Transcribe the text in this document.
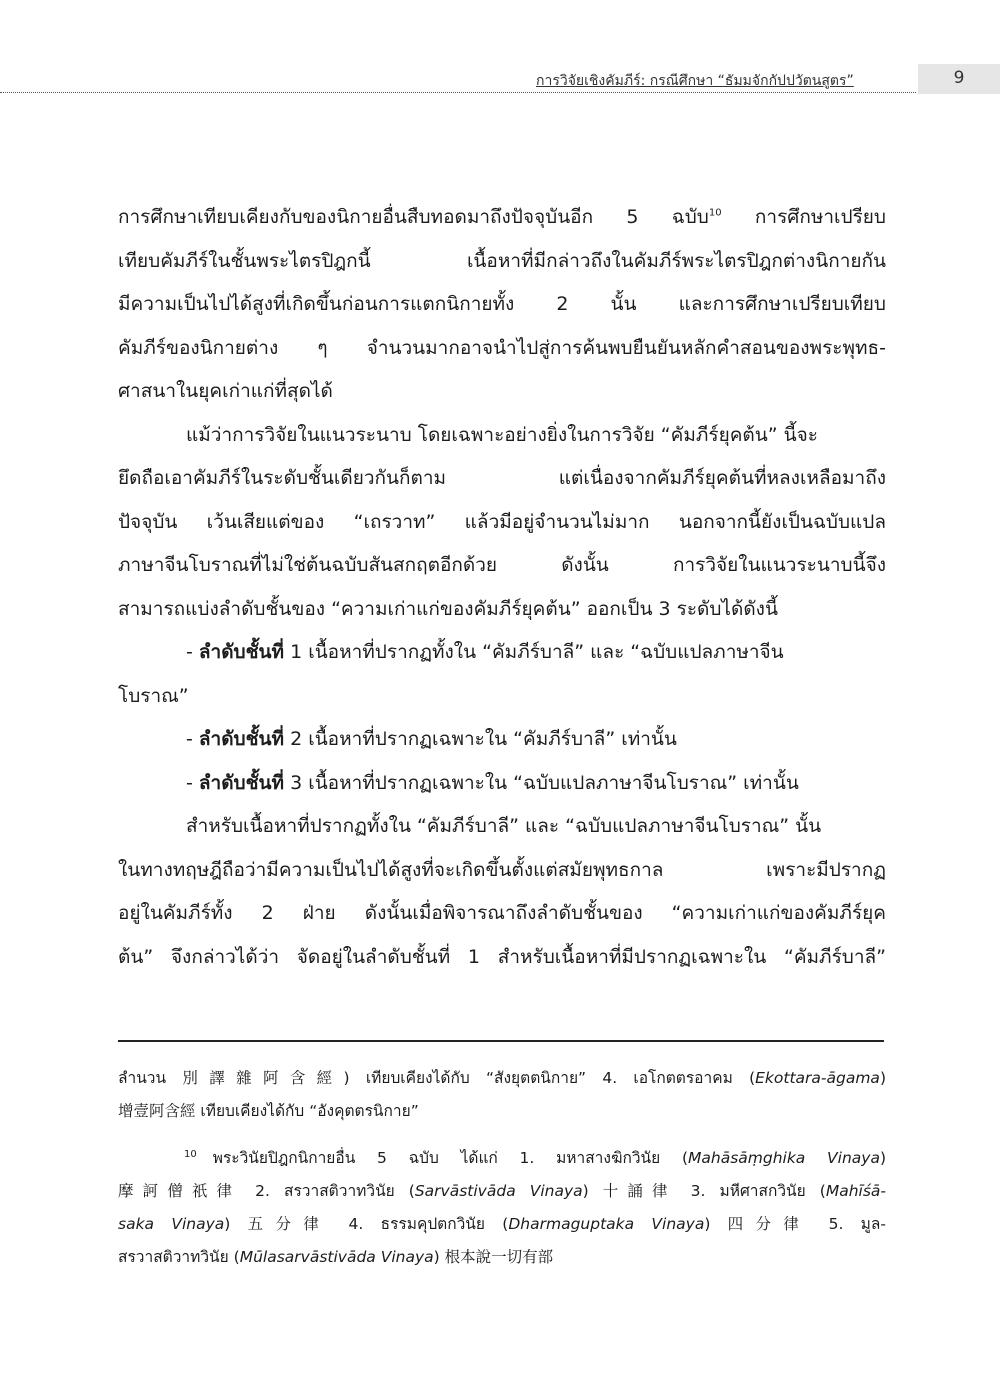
การวิจัยเชิงคัมภีร์: กรณีศึกษา “ธัมมจักกัปปวัตนสูตร”	9
การศึกษาเทียบเคียงกับของนิกายอื่นสืบทอดมาถึงปัจจุบันอีก 5 ฉบับ$^{10}$ การศึกษาเปรียบ
เทียบคัมภีร์ในชั้นพระไตรปิฎกนี้ เนื้อหาที่มีกล่าวถึงในคัมภีร์พระไตรปิฎกต่างนิกายกัน
มีความเป็นไปได้สูงที่เกิดขึ้นก่อนการแตกนิกายทั้ง 2 นั้น และการศึกษาเปรียบเทียบ
คัมภีร์ของนิกายต่าง ๆ จำนวนมากอาจนำไปสู่การค้นพบยืนยันหลักคำสอนของพระพุทธ-
ศาสนาในยุคเก่าแก่ที่สุดได้
แม้ว่าการวิจัยในแนวระนาบ โดยเฉพาะอย่างยิ่งในการวิจัย “คัมภีร์ยุคต้น” นี้จะ
ยึดถือเอาคัมภีร์ในระดับชั้นเดียวกันก็ตาม แต่เนื่องจากคัมภีร์ยุคต้นที่หลงเหลือมาถึง
ปัจจุบัน เว้นเสียแต่ของ “เถรวาท” แล้วมีอยู่จำนวนไม่มาก นอกจากนี้ยังเป็นฉบับแปล
ภาษาจีนโบราณที่ไม่ใช่ต้นฉบับสันสกฤตอีกด้วย ดังนั้น การวิจัยในแนวระนาบนี้จึง
สามารถแบ่งลำดับชั้นของ “ความเก่าแก่ของคัมภีร์ยุคต้น” ออกเป็น 3 ระดับได้ดังนี้
- ลำดับชั้นที่ 1 เนื้อหาที่ปรากฏทั้งใน “คัมภีร์บาลี” และ “ฉบับแปลภาษาจีน
โบราณ”
- ลำดับชั้นที่ 2 เนื้อหาที่ปรากฏเฉพาะใน “คัมภีร์บาลี” เท่านั้น
- ลำดับชั้นที่ 3 เนื้อหาที่ปรากฏเฉพาะใน “ฉบับแปลภาษาจีนโบราณ” เท่านั้น
สำหรับเนื้อหาที่ปรากฏทั้งใน “คัมภีร์บาลี” และ “ฉบับแปลภาษาจีนโบราณ” นั้น
ในทางทฤษฎีถือว่ามีความเป็นไปได้สูงที่จะเกิดขึ้นตั้งแต่สมัยพุทธกาล เพราะมีปรากฏ
อยู่ในคัมภีร์ทั้ง 2 ฝ่าย ดังนั้นเมื่อพิจารณาถึงลำดับชั้นของ “ความเก่าแก่ของคัมภีร์ยุค
ต้น” จึงกล่าวได้ว่า จัดอยู่ในลำดับชั้นที่ 1 สำหรับเนื้อหาที่มีปรากฏเฉพาะใน “คัมภีร์บาลี”
ลำนวน 別譯雜阿含經) เทียบเคียงได้กับ “สังยุตตนิกาย” 4. เอโกตตรอาคม (Ekottara-āgama)
增壹阿含經 เทียบเคียงได้กับ “อังคุตตรนิกาย”
$^{10}$ พระวินัยปิฎกนิกายอื่น 5 ฉบับ ได้แก่ 1. มหาสางฆิกวินัย (Mahāsāṃghika Vinaya)
摩訶僧祇律 2. สรวาสติวาทวินัย (Sarvāstivāda Vinaya) 十誦律 3. มหีศาสกวินัย (Mahīśā-
saka Vinaya) 五分律 4. ธรรมคุปตกวินัย (Dharmaguptaka Vinaya) 四分律 5. มูล-
สรวาสติวาทวินัย (Mūlasarvāstivāda Vinaya) 根本說一切有部
